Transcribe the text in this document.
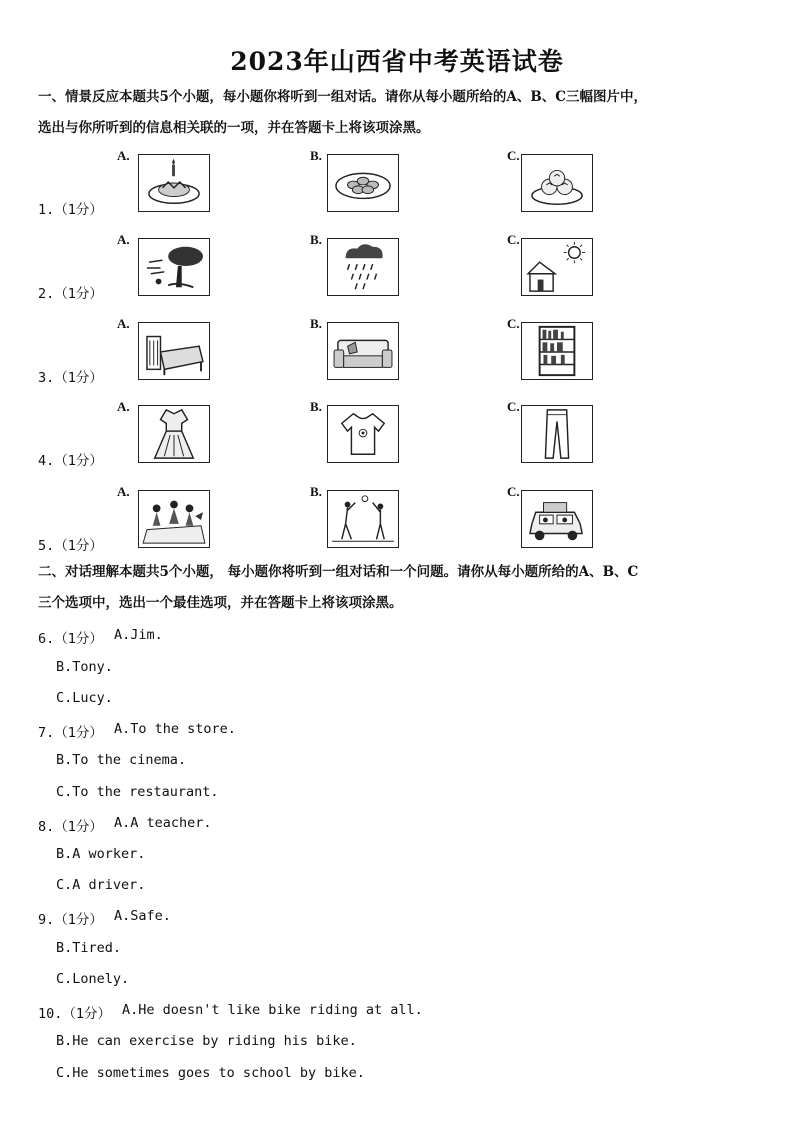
2023年山西省中考英语试卷

一、情景反应本题共5个小题，每小题你将听到一组对话。请你从每小题所给的A、B、C三幅图片中，
选出与你所听到的信息相关联的一项，并在答题卡上将该项涂黑。

1.（1分）
A.	B.	C.
2.（1分）
A.	B.	C.
3.（1分）
A.	B.	C.
4.（1分）
A.	B.	C.
5.（1分）
A.	B.	C.

二、对话理解本题共5个小题， 每小题你将听到一组对话和一个问题。请你从每小题所给的A、B、C
三个选项中，选出一个最佳选项，并在答题卡上将该项涂黑。

6.（1分） A.Jim.
B.Tony.
C.Lucy.
7.（1分） A.To the store.
B.To the cinema.
C.To the restaurant.
8.（1分） A.A teacher.
B.A worker.
C.A driver.
9.（1分） A.Safe.
B.Tired.
C.Lonely.
10.（1分） A.He doesn't like bike riding at all.
B.He can exercise by riding his bike.
C.He sometimes goes to school by bike.
